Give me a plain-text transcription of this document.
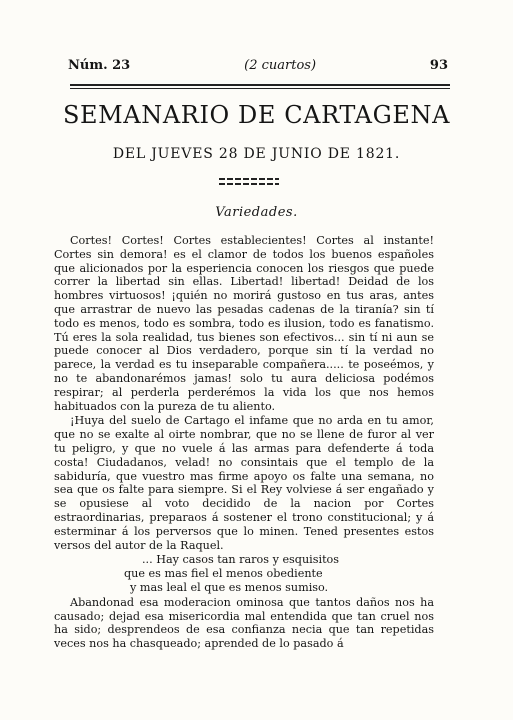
Núm. 23	(2 cuartos)	93
SEMANARIO DE CARTAGENA
DEL JUEVES 28 DE JUNIO DE 1821.
Variedades.

Cortes! Cortes! Cortes establecientes! Cortes al instante! Cortes sin demora! es el clamor de todos los buenos españoles que alicionados por la esperiencia conocen los riesgos que puede correr la libertad sin ellas. Libertad! libertad! Deidad de los hombres virtuosos! ¡quién no morirá gustoso en tus aras, antes que arrastrar de nuevo las pesadas cadenas de la tiranía? sin tí todo es menos, todo es sombra, todo es ilusion, todo es fanatismo. Tú eres la sola realidad, tus bienes son efectivos... sin tí ni aun se puede conocer al Dios verdadero, porque sin tí la verdad no parece, la verdad es tu inseparable compañera..... te poseémos, y no te abandonarémos jamas! solo tu aura deliciosa podémos respirar; al perderla perderémos la vida los que nos hemos habituados con la pureza de tu aliento.

¡Huya del suelo de Cartago el infame que no arda en tu amor, que no se exalte al oirte nombrar, que no se llene de furor al ver tu peligro, y que no vuele á las armas para defenderte á toda costa! Ciudadanos, velad! no consintais que el templo de la sabiduría, que vuestro mas firme apoyo os falte una semana, no sea que os falte para siempre. Si el Rey volviese á ser engañado y se opusiese al voto decidido de la nacion por Cortes estraordinarias, preparaos á sostener el trono constitucional; y á esterminar á los perversos que lo minen. Tened presentes estos versos del autor de la Raquel.

... Hay casos tan raros y esquisitos
que es mas fiel el menos obediente
y mas leal el que es menos sumiso.

Abandonad esa moderacion ominosa que tantos daños nos ha causado; dejad esa misericordia mal entendida que tan cruel nos ha sido; desprendeos de esa confianza necia que tan repetidas veces nos ha chasqueado; aprended de lo pasado á
